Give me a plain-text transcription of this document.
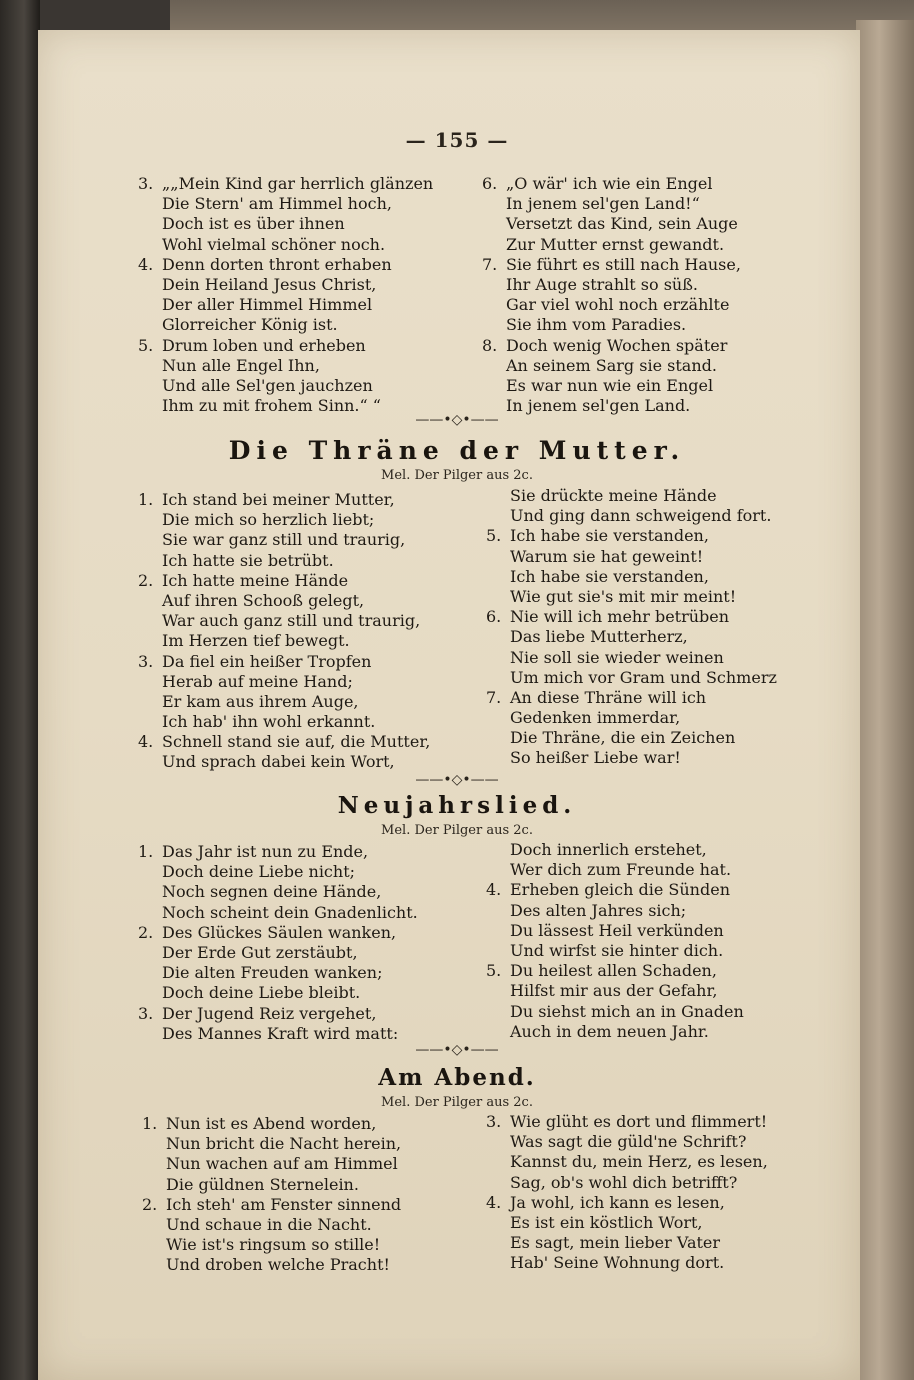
— 155 —
3. „„Mein Kind gar herrlich glänzen
Die Stern' am Himmel hoch,
Doch ist es über ihnen
Wohl vielmal schöner noch.
4. Denn dorten thront erhaben
Dein Heiland Jesus Christ,
Der aller Himmel Himmel
Glorreicher König ist.
5. Drum loben und erheben
Nun alle Engel Ihn,
Und alle Sel'gen jauchzen
Ihm zu mit frohem Sinn.“ “
6. „O wär' ich wie ein Engel
In jenem sel'gen Land!“
Versetzt das Kind, sein Auge
Zur Mutter ernst gewandt.
7. Sie führt es still nach Hause,
Ihr Auge strahlt so süß.
Gar viel wohl noch erzählte
Sie ihm vom Paradies.
8. Doch wenig Wochen später
An seinem Sarg sie stand.
Es war nun wie ein Engel
In jenem sel'gen Land.
——•◇•——
Die Thräne der Mutter.
Mel. Der Pilger aus 2c.
1. Ich stand bei meiner Mutter,
Die mich so herzlich liebt;
Sie war ganz still und traurig,
Ich hatte sie betrübt.
2. Ich hatte meine Hände
Auf ihren Schooß gelegt,
War auch ganz still und traurig,
Im Herzen tief bewegt.
3. Da fiel ein heißer Tropfen
Herab auf meine Hand;
Er kam aus ihrem Auge,
Ich hab' ihn wohl erkannt.
4. Schnell stand sie auf, die Mutter,
Und sprach dabei kein Wort,
Sie drückte meine Hände
Und ging dann schweigend fort.
5. Ich habe sie verstanden,
Warum sie hat geweint!
Ich habe sie verstanden,
Wie gut sie's mit mir meint!
6. Nie will ich mehr betrüben
Das liebe Mutterherz,
Nie soll sie wieder weinen
Um mich vor Gram und Schmerz
7. An diese Thräne will ich
Gedenken immerdar,
Die Thräne, die ein Zeichen
So heißer Liebe war!
——•◇•——
Neujahrslied.
Mel. Der Pilger aus 2c.
1. Das Jahr ist nun zu Ende,
Doch deine Liebe nicht;
Noch segnen deine Hände,
Noch scheint dein Gnadenlicht.
2. Des Glückes Säulen wanken,
Der Erde Gut zerstäubt,
Die alten Freuden wanken;
Doch deine Liebe bleibt.
3. Der Jugend Reiz vergehet,
Des Mannes Kraft wird matt:
Doch innerlich erstehet,
Wer dich zum Freunde hat.
4. Erheben gleich die Sünden
Des alten Jahres sich;
Du lässest Heil verkünden
Und wirfst sie hinter dich.
5. Du heilest allen Schaden,
Hilfst mir aus der Gefahr,
Du siehst mich an in Gnaden
Auch in dem neuen Jahr.
——•◇•——
Am Abend.
Mel. Der Pilger aus 2c.
1. Nun ist es Abend worden,
Nun bricht die Nacht herein,
Nun wachen auf am Himmel
Die güldnen Sternelein.
2. Ich steh' am Fenster sinnend
Und schaue in die Nacht.
Wie ist's ringsum so stille!
Und droben welche Pracht!
3. Wie glüht es dort und flimmert!
Was sagt die güld'ne Schrift?
Kannst du, mein Herz, es lesen,
Sag, ob's wohl dich betrifft?
4. Ja wohl, ich kann es lesen,
Es ist ein köstlich Wort,
Es sagt, mein lieber Vater
Hab' Seine Wohnung dort.
